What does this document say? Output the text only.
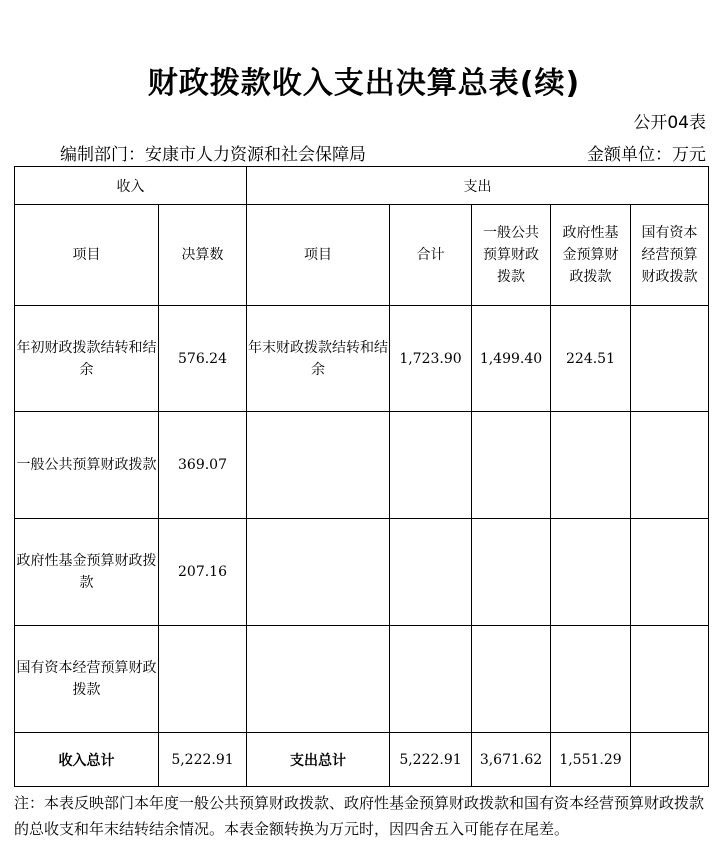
财政拨款收入支出决算总表(续)
公开04表
编制部门：安康市人力资源和社会保障局	金额单位：万元
收入		支出				
项目	决算数	项目	合计	一般公共预算财政拨款	政府性基金预算财政拨款	国有资本经营预算财政拨款
年初财政拨款结转和结余	576.24	年末财政拨款结转和结余	1,723.90	1,499.40	224.51	
一般公共预算财政拨款	369.07					
政府性基金预算财政拨款	207.16					
国有资本经营预算财政拨款						
收入总计	5,222.91	支出总计	5,222.91	3,671.62	1,551.29	
注：本表反映部门本年度一般公共预算财政拨款、政府性基金预算财政拨款和国有资本经营预算财政拨款的总收支和年末结转结余情况。本表金额转换为万元时，因四舍五入可能存在尾差。
